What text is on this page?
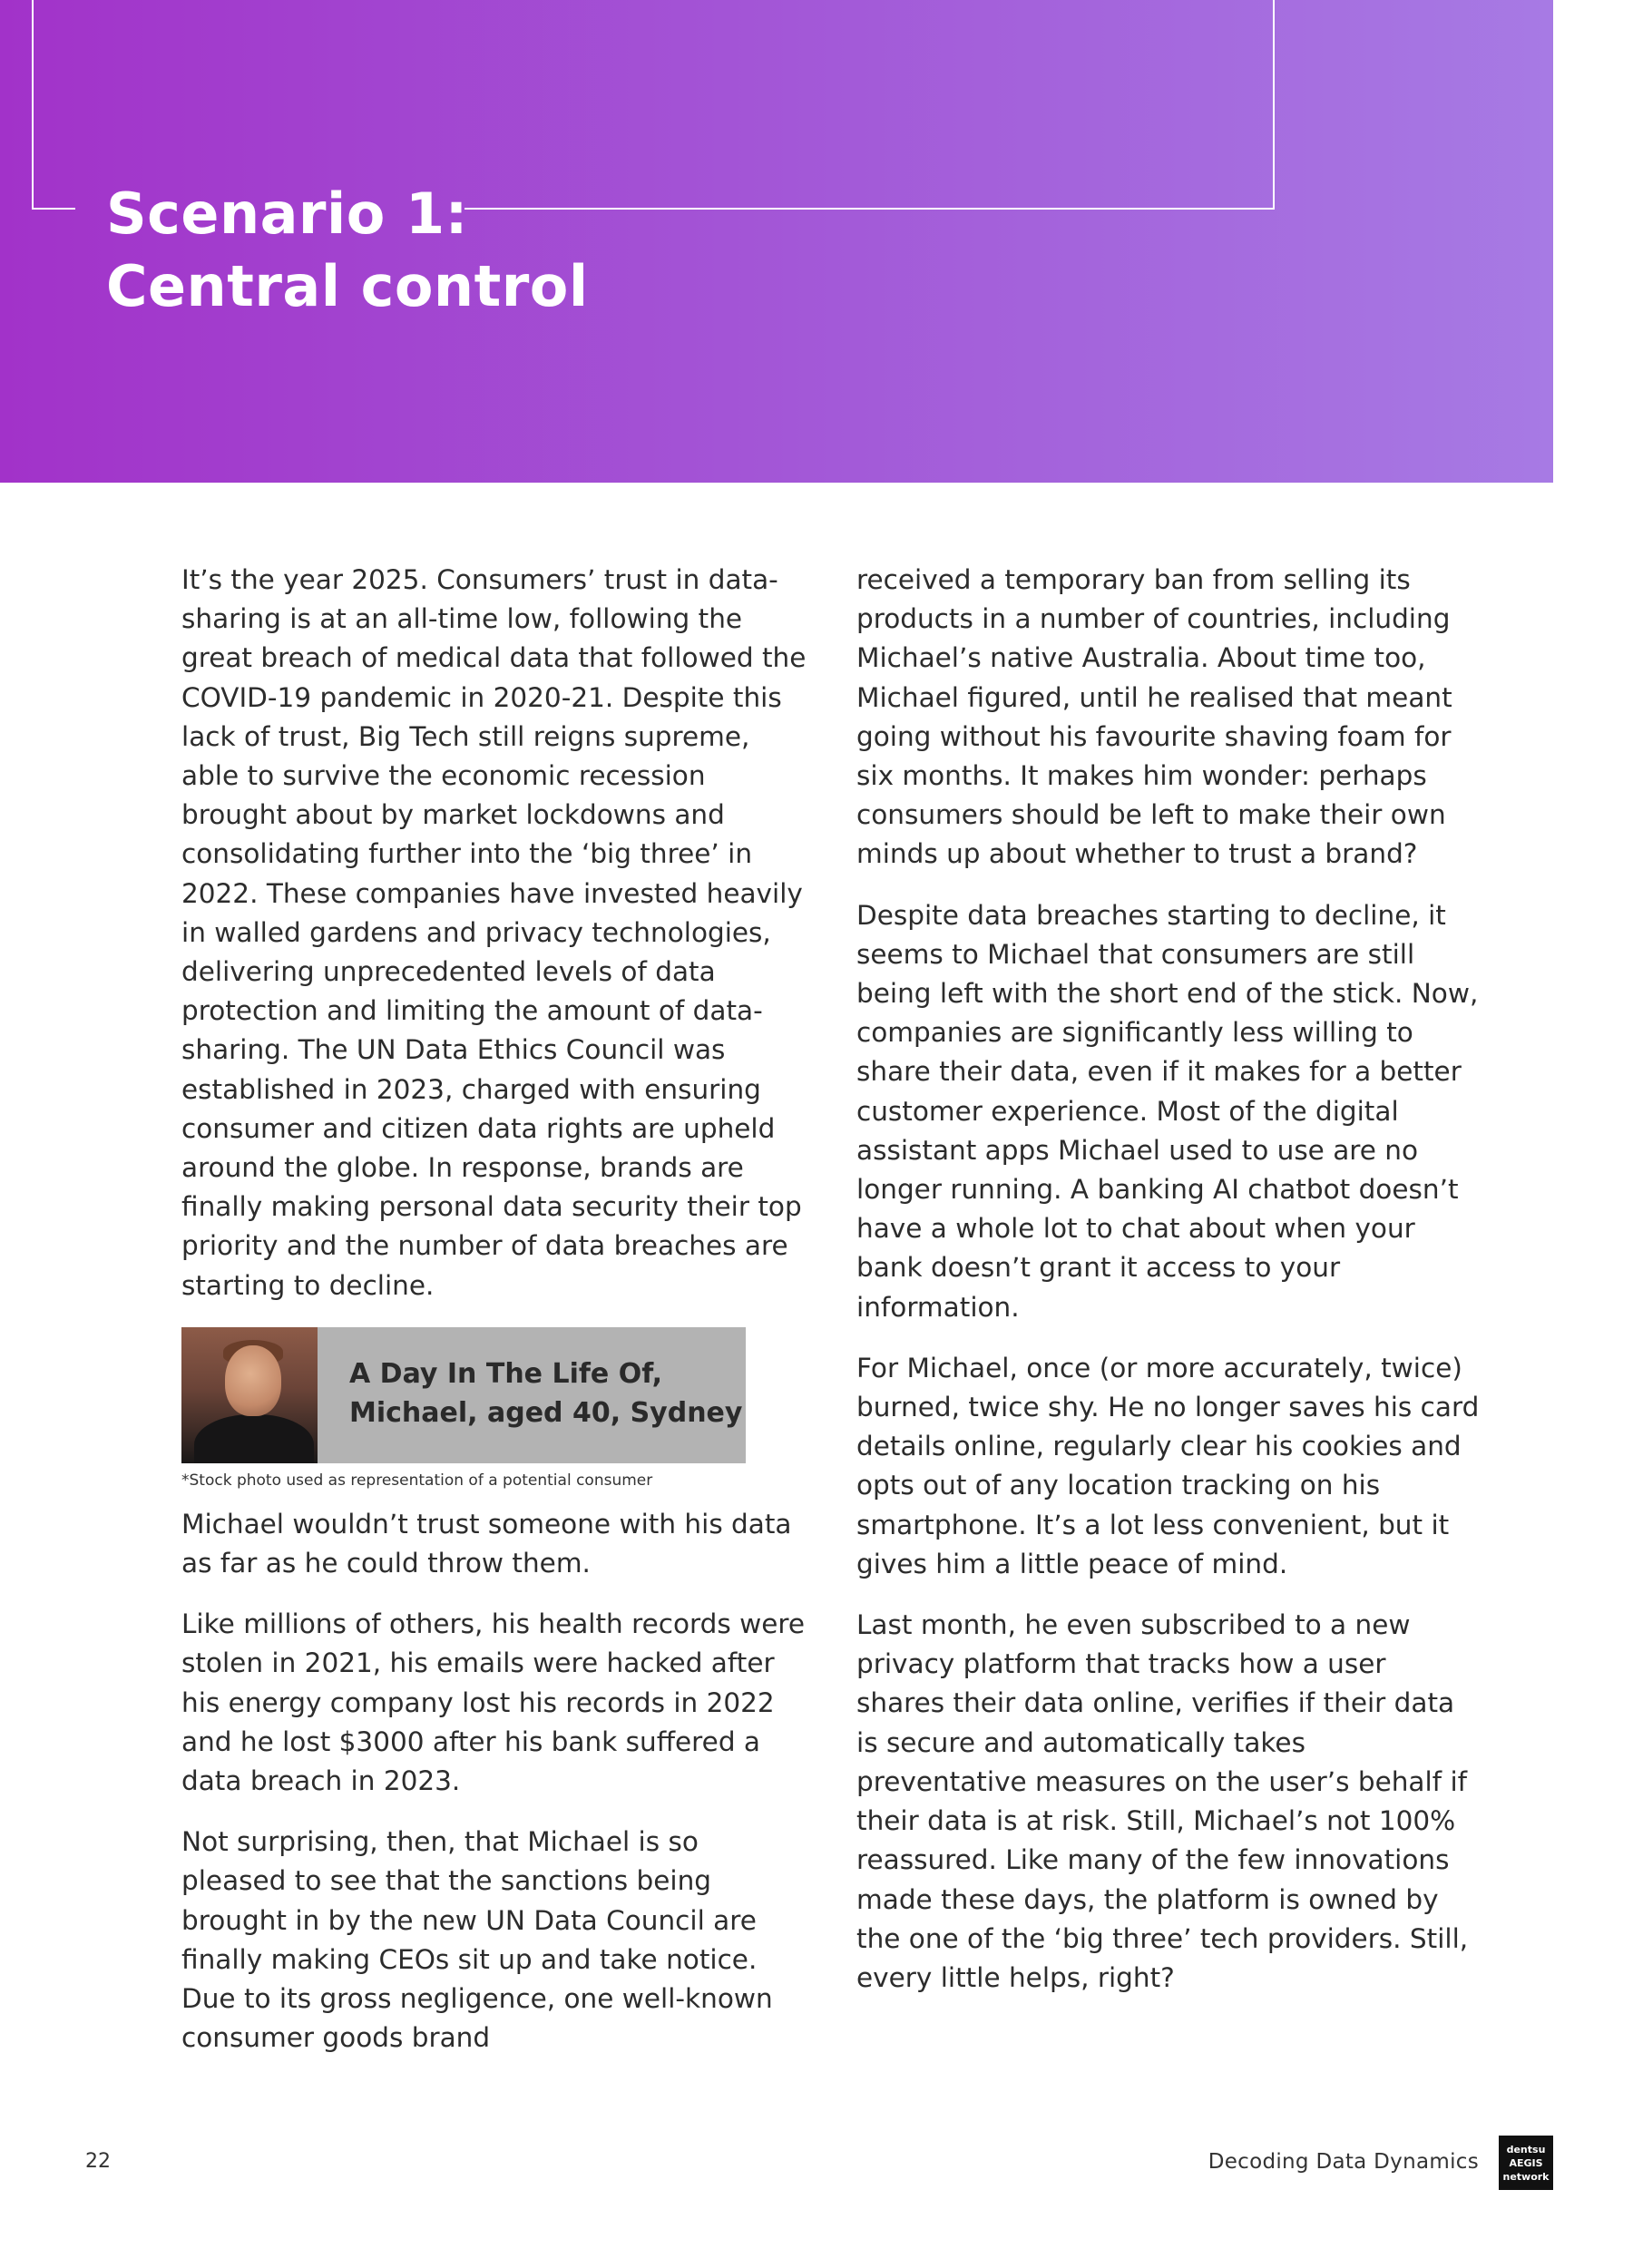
Scenario 1:
Central control

It’s the year 2025. Consumers’ trust in data-sharing is at an all-time low, following the great breach of medical data that followed the COVID-19 pandemic in 2020-21. Despite this lack of trust, Big Tech still reigns supreme, able to survive the economic recession brought about by market lockdowns and consolidating further into the ‘big three’ in 2022. These companies have invested heavily in walled gardens and privacy technologies, delivering unprecedented levels of data protection and limiting the amount of data-sharing. The UN Data Ethics Council was established in 2023, charged with ensuring consumer and citizen data rights are upheld around the globe. In response, brands are finally making personal data security their top priority and the number of data breaches are starting to decline.

A Day In The Life Of,
Michael, aged 40, Sydney

*Stock photo used as representation of a potential consumer

Michael wouldn’t trust someone with his data as far as he could throw them.

Like millions of others, his health records were stolen in 2021, his emails were hacked after his energy company lost his records in 2022 and he lost $3000 after his bank suffered a data breach in 2023.

Not surprising, then, that Michael is so pleased to see that the sanctions being brought in by the new UN Data Council are finally making CEOs sit up and take notice. Due to its gross negligence, one well-known consumer goods brand

received a temporary ban from selling its products in a number of countries, including Michael’s native Australia. About time too, Michael figured, until he realised that meant going without his favourite shaving foam for six months. It makes him wonder: perhaps consumers should be left to make their own minds up about whether to trust a brand?

Despite data breaches starting to decline, it seems to Michael that consumers are still being left with the short end of the stick. Now, companies are significantly less willing to share their data, even if it makes for a better customer experience. Most of the digital assistant apps Michael used to use are no longer running. A banking AI chatbot doesn’t have a whole lot to chat about when your bank doesn’t grant it access to your information.

For Michael, once (or more accurately, twice) burned, twice shy. He no longer saves his card details online, regularly clear his cookies and opts out of any location tracking on his smartphone. It’s a lot less convenient, but it gives him a little peace of mind.

Last month, he even subscribed to a new privacy platform that tracks how a user shares their data online, verifies if their data is secure and automatically takes preventative measures on the user’s behalf if their data is at risk. Still, Michael’s not 100% reassured. Like many of the few innovations made these days, the platform is owned by the one of the ‘big three’ tech providers. Still, every little helps, right?

22	Decoding Data Dynamics
dentsu
AEGIS
network
